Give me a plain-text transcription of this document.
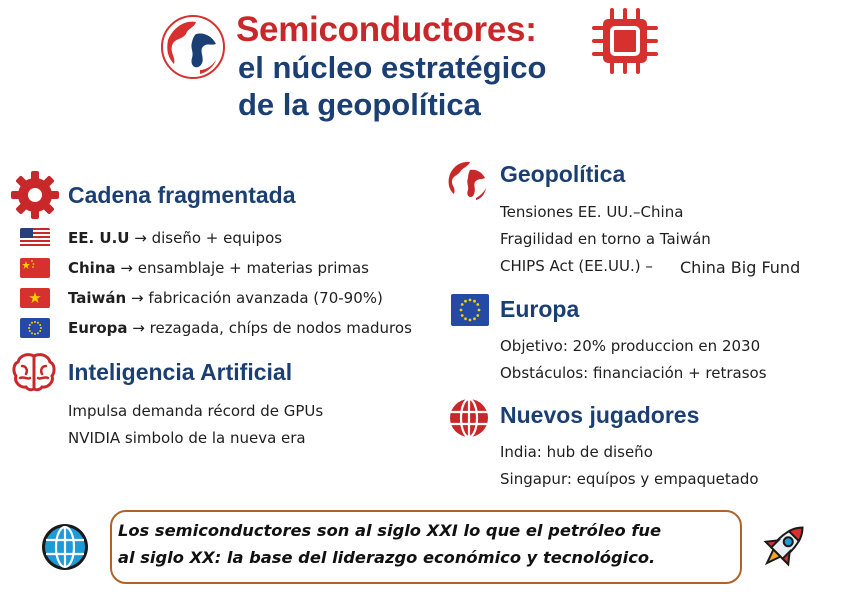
Semiconductores:
el núcleo estratégico
de la geopolítica
Cadena fragmentada
EE. U.U → diseño + equipos
China → ensamblaje + materias primas
Taiwán → fabricación avanzada (70-90%)
Europa → rezagada, chíps de nodos maduros
Inteligencia Artificial
Impulsa demanda récord de GPUs
NVIDIA simbolo de la nueva era
Geopolítica
Tensiones EE. UU.–China
Fragilidad en torno a Taiwán
CHIPS Act (EE.UU.) – China Big Fund
Europa
Objetivo: 20% produccion en 2030
Obstáculos: financiación + retrasos
Nuevos jugadores
India: hub de diseño
Singapur: equípos y empaquetado
Los semiconductores son al siglo XXI lo que el petróleo fue
al siglo XX: la base del liderazgo económico y tecnológico.
